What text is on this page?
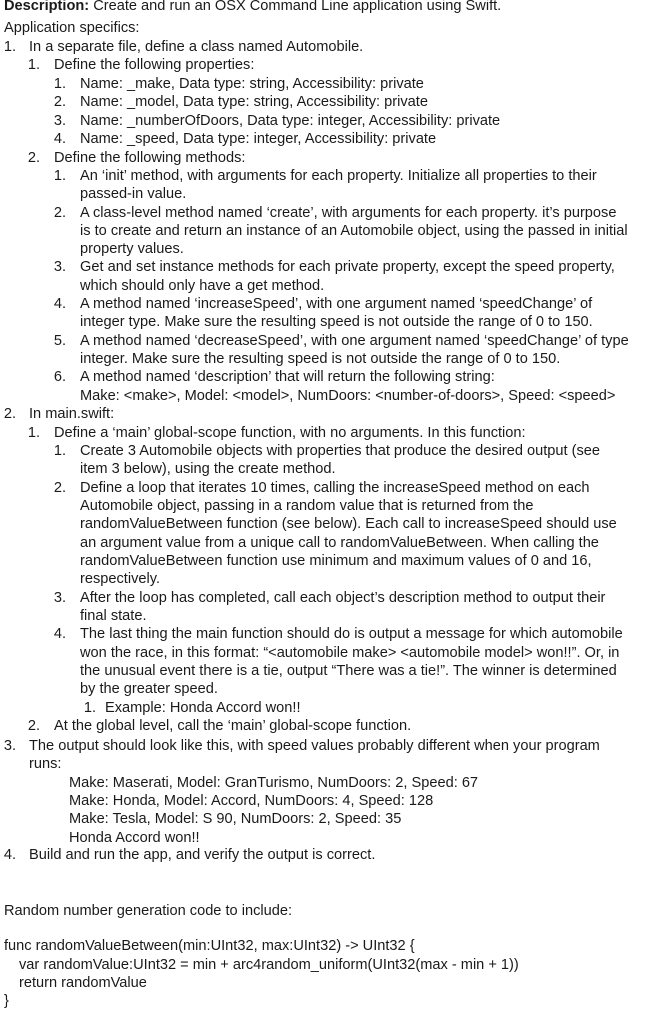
Description: Create and run an OSX Command Line application using Swift.
Application specifics:
1. In a separate file, define a class named Automobile.
1. Define the following properties:
1. Name: _make, Data type: string, Accessibility: private
2. Name: _model, Data type: string, Accessibility: private
3. Name: _numberOfDoors, Data type: integer, Accessibility: private
4. Name: _speed, Data type: integer, Accessibility: private
2. Define the following methods:
1. An ‘init’ method, with arguments for each property. Initialize all properties to their
passed-in value.
2. A class-level method named ‘create’, with arguments for each property. it’s purpose
is to create and return an instance of an Automobile object, using the passed in initial
property values.
3. Get and set instance methods for each private property, except the speed property,
which should only have a get method.
4. A method named ‘increaseSpeed’, with one argument named ‘speedChange’ of
integer type. Make sure the resulting speed is not outside the range of 0 to 150.
5. A method named ‘decreaseSpeed’, with one argument named ‘speedChange’ of type
integer. Make sure the resulting speed is not outside the range of 0 to 150.
6. A method named ‘description’ that will return the following string:
Make: <make>, Model: <model>, NumDoors: <number-of-doors>, Speed: <speed>
2. In main.swift:
1. Define a ‘main’ global-scope function, with no arguments. In this function:
1. Create 3 Automobile objects with properties that produce the desired output (see
item 3 below), using the create method.
2. Define a loop that iterates 10 times, calling the increaseSpeed method on each
Automobile object, passing in a random value that is returned from the
randomValueBetween function (see below). Each call to increaseSpeed should use
an argument value from a unique call to randomValueBetween. When calling the
randomValueBetween function use minimum and maximum values of 0 and 16,
respectively.
3. After the loop has completed, call each object’s description method to output their
final state.
4. The last thing the main function should do is output a message for which automobile
won the race, in this format: “<automobile make> <automobile model> won!!”. Or, in
the unusual event there is a tie, output “There was a tie!”. The winner is determined
by the greater speed.
1. Example: Honda Accord won!!
2. At the global level, call the ‘main’ global-scope function.
3. The output should look like this, with speed values probably different when your program
runs:
Make: Maserati, Model: GranTurismo, NumDoors: 2, Speed: 67
Make: Honda, Model: Accord, NumDoors: 4, Speed: 128
Make: Tesla, Model: S 90, NumDoors: 2, Speed: 35
Honda Accord won!!
4. Build and run the app, and verify the output is correct.
Random number generation code to include:
func randomValueBetween(min:UInt32, max:UInt32) -> UInt32 {
var randomValue:UInt32 = min + arc4random_uniform(UInt32(max - min + 1))
return randomValue
}
